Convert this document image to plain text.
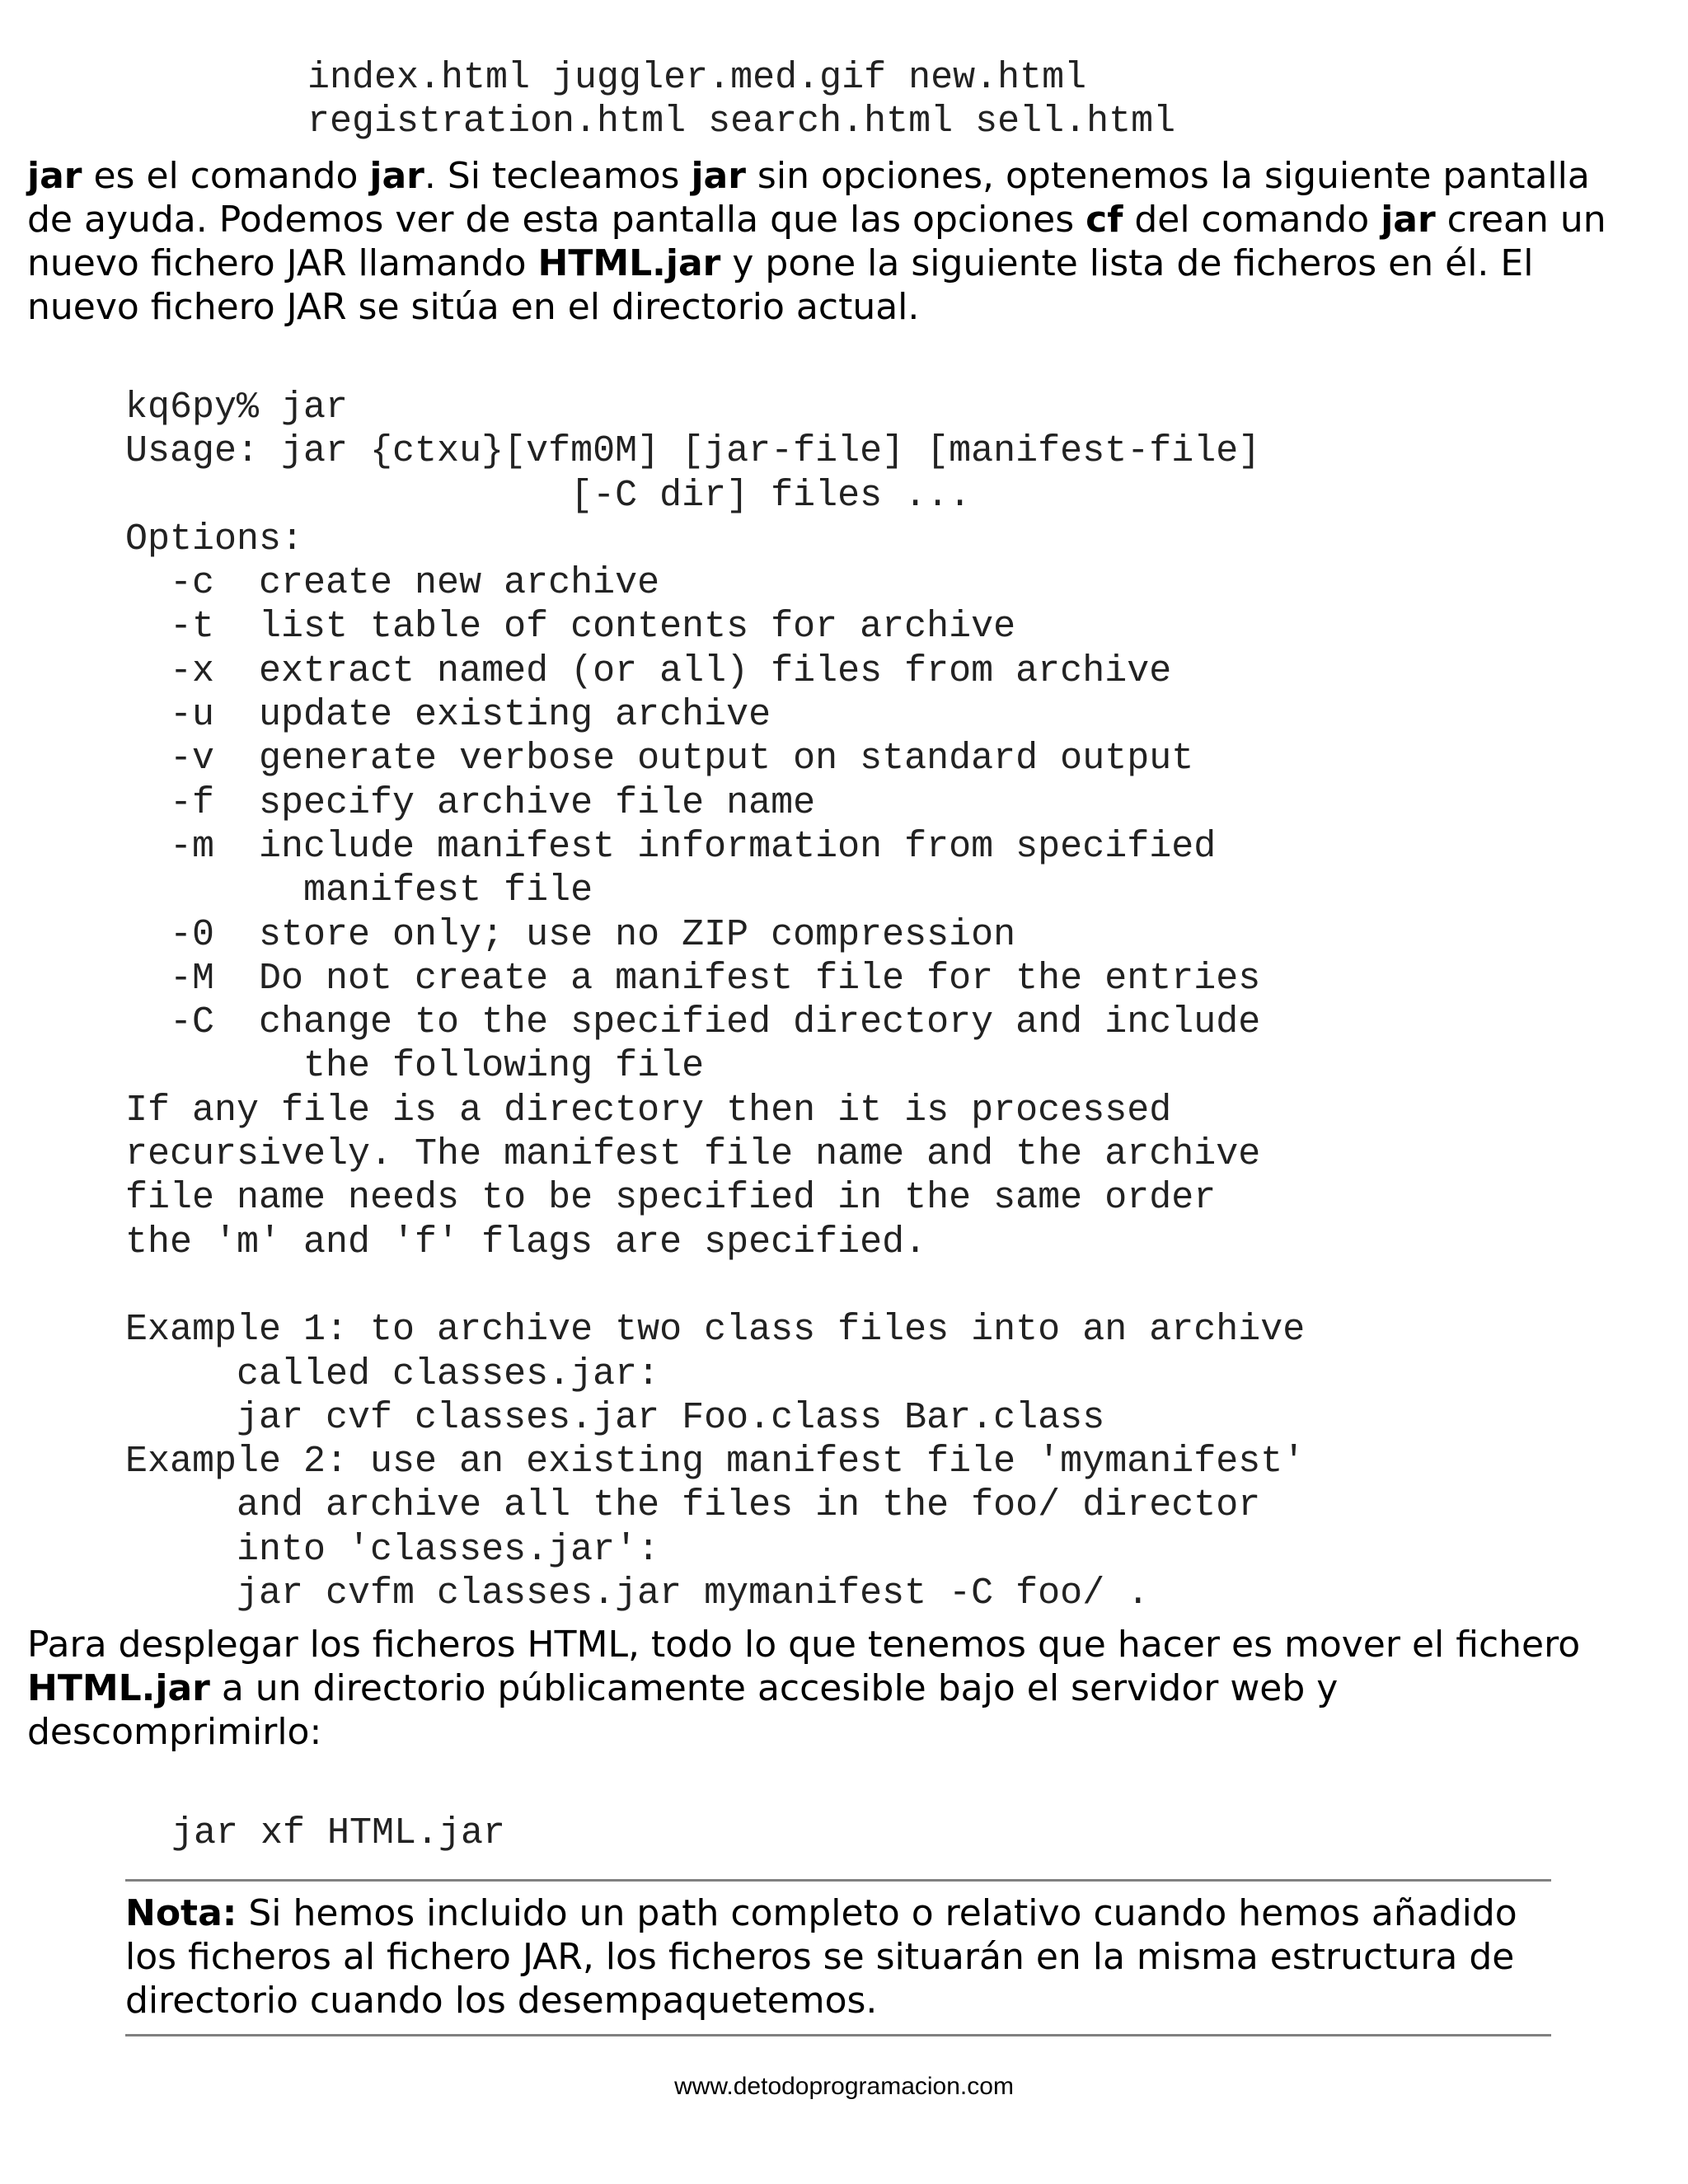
index.html juggler.med.gif new.html
registration.html search.html sell.html

jar es el comando jar. Si tecleamos jar sin opciones, optenemos la siguiente pantalla de ayuda. Podemos ver de esta pantalla que las opciones cf del comando jar crean un nuevo fichero JAR llamando HTML.jar y pone la siguiente lista de ficheros en él. El nuevo fichero JAR se sitúa en el directorio actual.

kq6py% jar
Usage: jar {ctxu}[vfm0M] [jar-file] [manifest-file]
[-C dir] files ...
Options:
-c  create new archive
-t  list table of contents for archive
-x  extract named (or all) files from archive
-u  update existing archive
-v  generate verbose output on standard output
-f  specify archive file name
-m  include manifest information from specified
manifest file
-0  store only; use no ZIP compression
-M  Do not create a manifest file for the entries
-C  change to the specified directory and include
the following file
If any file is a directory then it is processed
recursively. The manifest file name and the archive
file name needs to be specified in the same order
the 'm' and 'f' flags are specified.

Example 1: to archive two class files into an archive
called classes.jar:
jar cvf classes.jar Foo.class Bar.class
Example 2: use an existing manifest file 'mymanifest'
and archive all the files in the foo/ director
into 'classes.jar':
jar cvfm classes.jar mymanifest -C foo/ .

Para desplegar los ficheros HTML, todo lo que tenemos que hacer es mover el fichero HTML.jar a un directorio públicamente accesible bajo el servidor web y descomprimirlo:

jar xf HTML.jar

Nota: Si hemos incluido un path completo o relativo cuando hemos añadido los ficheros al fichero JAR, los ficheros se situarán en la misma estructura de directorio cuando los desempaquetemos.

www.detodoprogramacion.com
